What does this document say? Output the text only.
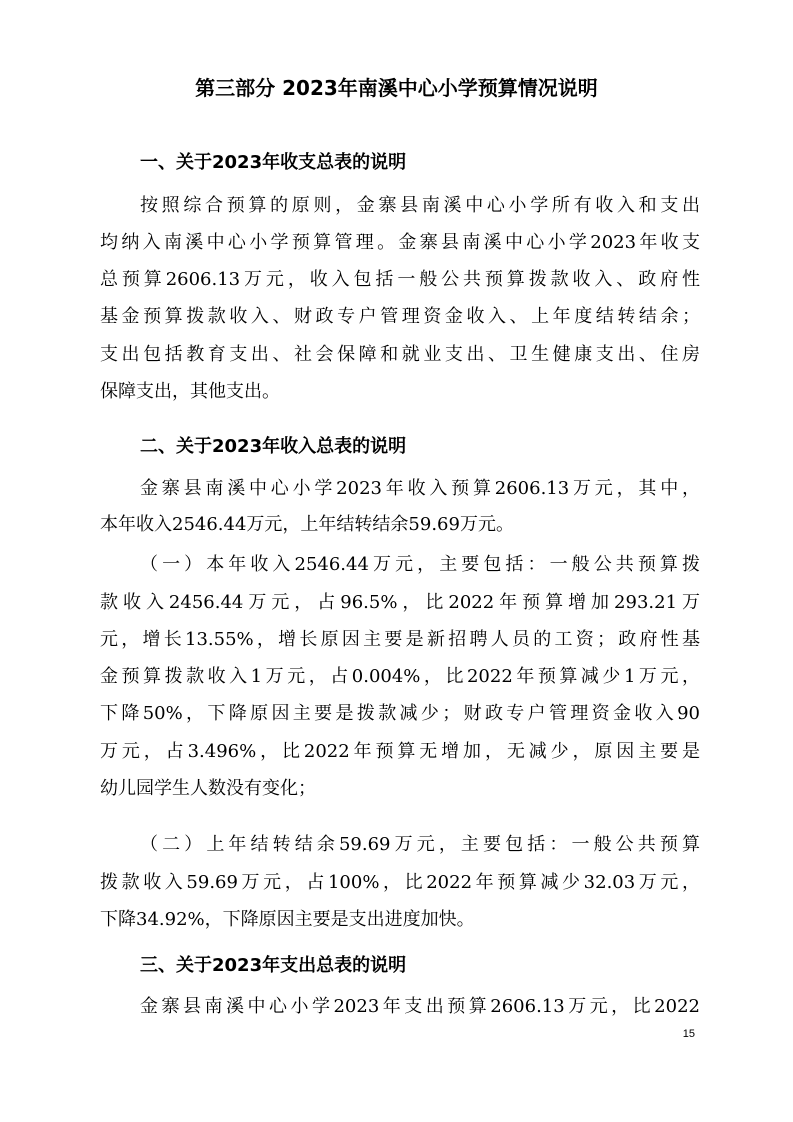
第三部分 2023年南溪中心小学预算情况说明
一、关于2023年收支总表的说明
按照综合预算的原则，金寨县南溪中心小学所有收入和支出
均纳入南溪中心小学预算管理。金寨县南溪中心小学2023年收支
总预算2606.13万元，收入包括一般公共预算拨款收入、政府性
基金预算拨款收入、财政专户管理资金收入、上年度结转结余；
支出包括教育支出、社会保障和就业支出、卫生健康支出、住房
保障支出，其他支出。
二、关于2023年收入总表的说明
金寨县南溪中心小学2023年收入预算2606.13万元，其中，
本年收入2546.44万元，上年结转结余59.69万元。
（一）本年收入2546.44万元，主要包括：一般公共预算拨
款收入2456.44万元，占96.5%，比2022年预算增加293.21万
元，增长13.55%，增长原因主要是新招聘人员的工资；政府性基
金预算拨款收入1万元，占0.004%，比2022年预算减少1万元，
下降50%，下降原因主要是拨款减少；财政专户管理资金收入90
万元，占3.496%，比2022年预算无增加，无减少，原因主要是
幼儿园学生人数没有变化；
（二）上年结转结余59.69万元，主要包括：一般公共预算
拨款收入59.69万元，占100%，比2022年预算减少32.03万元，
下降34.92%，下降原因主要是支出进度加快。
三、关于2023年支出总表的说明
金寨县南溪中心小学2023年支出预算2606.13万元，比2022
15
